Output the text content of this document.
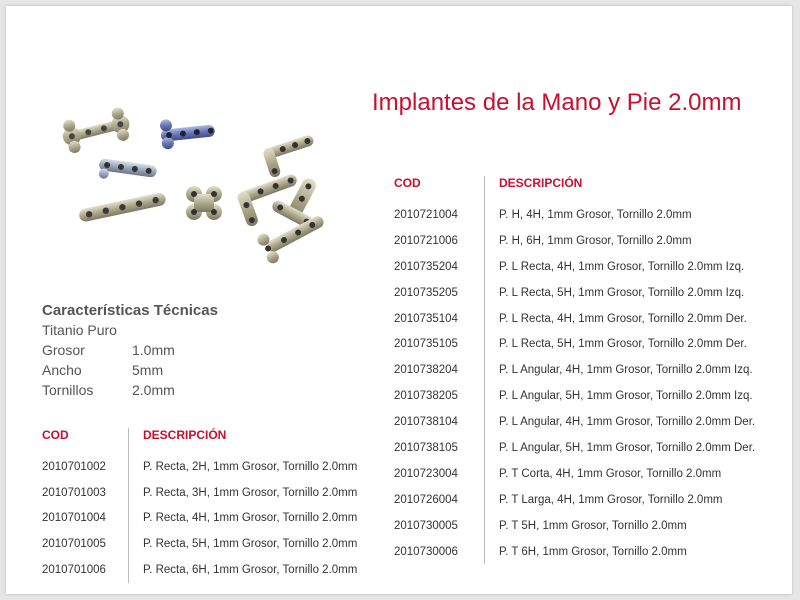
Implantes de la Mano y Pie 2.0mm
Características Técnicas
Titanio Puro
Grosor	1.0mm
Ancho	5mm
Tornillos	2.0mm
COD	DESCRIPCIÓN
2010701002	P. Recta, 2H, 1mm Grosor, Tornillo 2.0mm
2010701003	P. Recta, 3H, 1mm Grosor, Tornillo 2.0mm
2010701004	P. Recta, 4H, 1mm Grosor, Tornillo 2.0mm
2010701005	P. Recta, 5H, 1mm Grosor, Tornillo 2.0mm
2010701006	P. Recta, 6H, 1mm Grosor, Tornillo 2.0mm
COD	DESCRIPCIÓN
2010721004	P. H, 4H, 1mm Grosor, Tornillo 2.0mm
2010721006	P. H, 6H, 1mm Grosor, Tornillo 2.0mm
2010735204	P. L Recta, 4H, 1mm Grosor, Tornillo 2.0mm Izq.
2010735205	P. L Recta, 5H, 1mm Grosor, Tornillo 2.0mm Izq.
2010735104	P. L Recta, 4H, 1mm Grosor, Tornillo 2.0mm Der.
2010735105	P. L Recta, 5H, 1mm Grosor, Tornillo 2.0mm Der.
2010738204	P. L Angular, 4H, 1mm Grosor, Tornillo 2.0mm Izq.
2010738205	P. L Angular, 5H, 1mm Grosor, Tornillo 2.0mm Izq.
2010738104	P. L Angular, 4H, 1mm Grosor, Tornillo 2.0mm Der.
2010738105	P. L Angular, 5H, 1mm Grosor, Tornillo 2.0mm Der.
2010723004	P. T Corta, 4H, 1mm Grosor, Tornillo 2.0mm
2010726004	P. T Larga, 4H, 1mm Grosor, Tornillo 2.0mm
2010730005	P. T 5H, 1mm Grosor, Tornillo 2.0mm
2010730006	P. T 6H, 1mm Grosor, Tornillo 2.0mm
